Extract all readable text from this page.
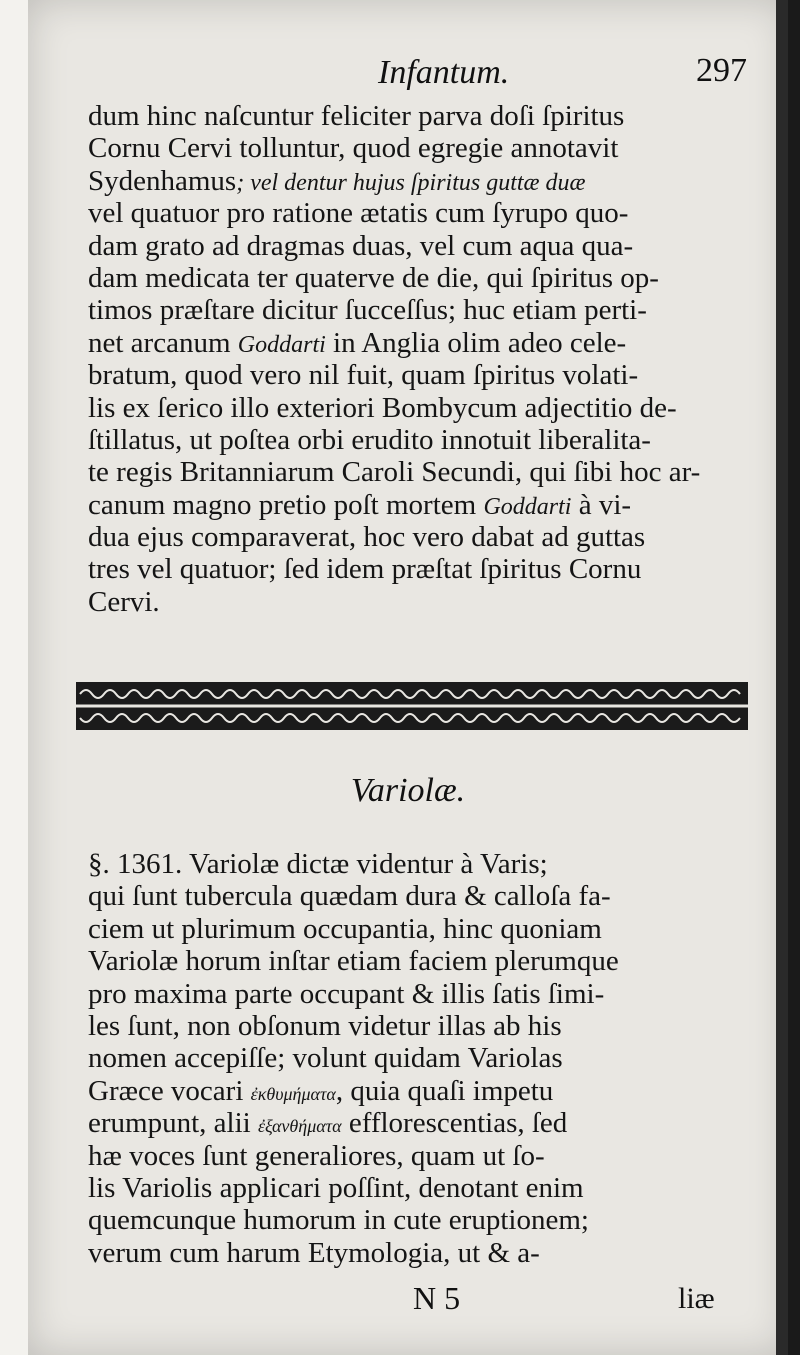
Infantum.	297
dum hinc naſcuntur feliciter parva doſi ſpiritus
Cornu Cervi tolluntur, quod egregie annotavit
Sydenhamus; vel dentur hujus ſpiritus guttæ duæ
vel quatuor pro ratione ætatis cum ſyrupo quo-
dam grato ad dragmas duas, vel cum aqua qua-
dam medicata ter quaterve de die, qui ſpiritus op-
timos præſtare dicitur ſucceſſus; huc etiam perti-
net arcanum Goddarti in Anglia olim adeo cele-
bratum, quod vero nil fuit, quam ſpiritus volati-
lis ex ſerico illo exteriori Bombycum adjectitio de-
ſtillatus, ut poſtea orbi erudito innotuit liberalita-
te regis Britanniarum Caroli Secundi, qui ſibi hoc ar-
canum magno pretio poſt mortem Goddarti à vi-
dua ejus comparaverat, hoc vero dabat ad guttas
tres vel quatuor; ſed idem præſtat ſpiritus Cornu
Cervi.
Variolæ.
§. 1361. Variolæ dictæ videntur à Varis;
qui ſunt tubercula quædam dura & calloſa fa-
ciem ut plurimum occupantia, hinc quoniam
Variolæ horum inſtar etiam faciem plerumque
pro maxima parte occupant & illis ſatis ſimi-
les ſunt, non obſonum videtur illas ab his
nomen accepiſſe; volunt quidam Variolas
Græce vocari ἐκθυμήματα, quia quaſi impetu
erumpunt, alii ἐξανθήματα efflorescentias, ſed
hæ voces ſunt generaliores, quam ut ſo-
lis Variolis applicari poſſint, denotant enim
quemcunque humorum in cute eruptionem;
verum cum harum Etymologia, ut & a-
N 5	liæ
